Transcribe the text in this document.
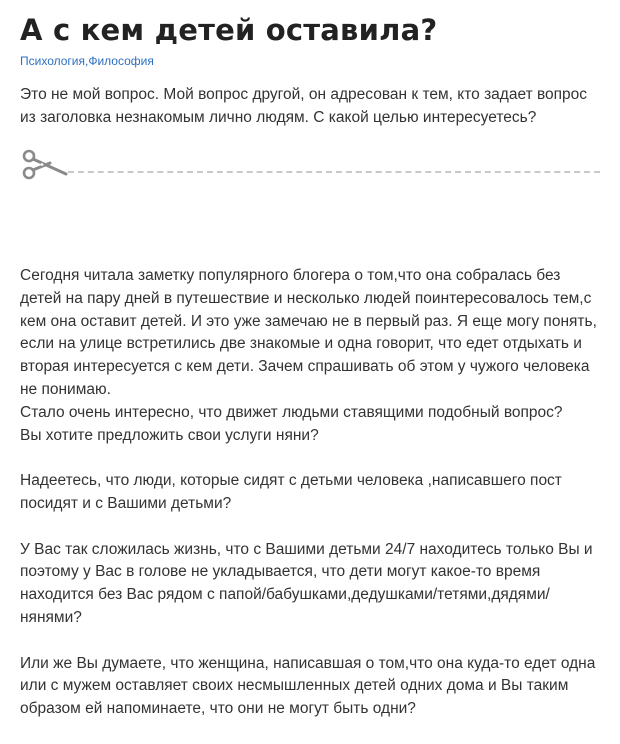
А с кем детей оставила?
Психология,Философия
Это не мой вопрос. Мой вопрос другой, он адресован к тем, кто задает вопрос из заголовка незнакомым лично людям. С какой целью интересуетесь?

Сегодня читала заметку популярного блогера о том,что она собралась без детей на пару дней в путешествие и несколько людей поинтересовалось тем,с кем она оставит детей. И это уже замечаю не в первый раз. Я еще могу понять, если на улице встретились две знакомые и одна говорит, что едет отдыхать и вторая интересуется с кем дети. Зачем спрашивать об этом у чужого человека не понимаю.

Стало очень интересно, что движет людьми ставящими подобный вопрос?

Вы хотите предложить свои услуги няни?

Надеетесь, что люди, которые сидят с детьми человека ,написавшего пост посидят и с Вашими детьми?

У Вас так сложилась жизнь, что с Вашими детьми 24/7 находитесь только Вы и поэтому у Вас в голове не укладывается, что дети могут какое-то время находится без Вас рядом с папой/бабушками,дедушками/тетями,дядями/нянями?

Или же Вы думаете, что женщина, написавшая о том,что она куда-то едет одна или с мужем оставляет своих несмышленных детей одних дома и Вы таким образом ей напоминаете, что они не могут быть одни?
